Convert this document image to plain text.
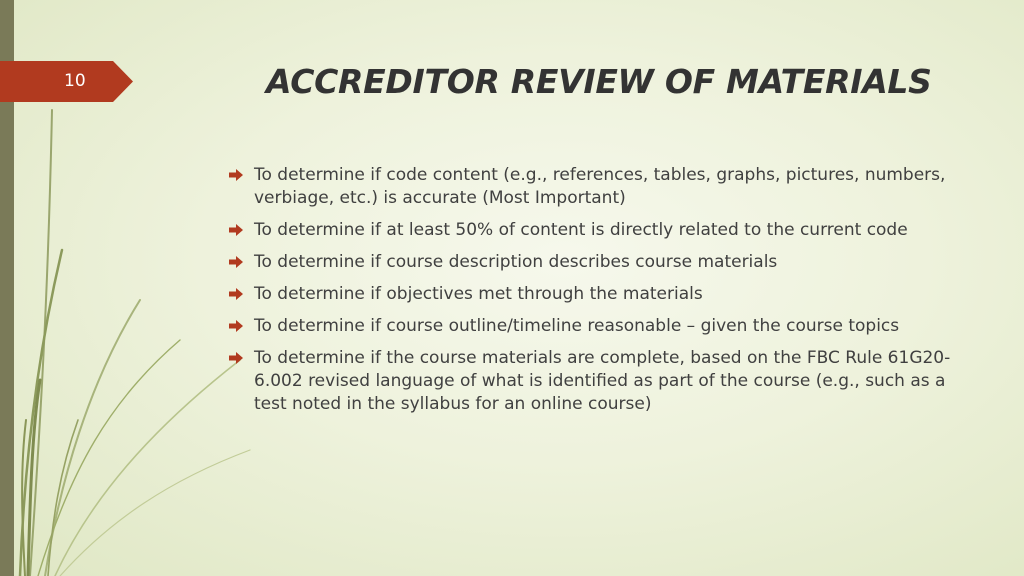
10	ACCREDITOR REVIEW OF MATERIALS
To determine if code content (e.g., references, tables, graphs, pictures, numbers, verbiage, etc.) is accurate (Most Important)
To determine if at least 50% of content is directly related to the current code
To determine if course description describes course materials
To determine if objectives met through the materials
To determine if course outline/timeline reasonable – given the course topics
To determine if the course materials are complete, based on the FBC Rule 61G20-6.002 revised language of what is identified as part of the course (e.g., such as a test noted in the syllabus for an online course)
